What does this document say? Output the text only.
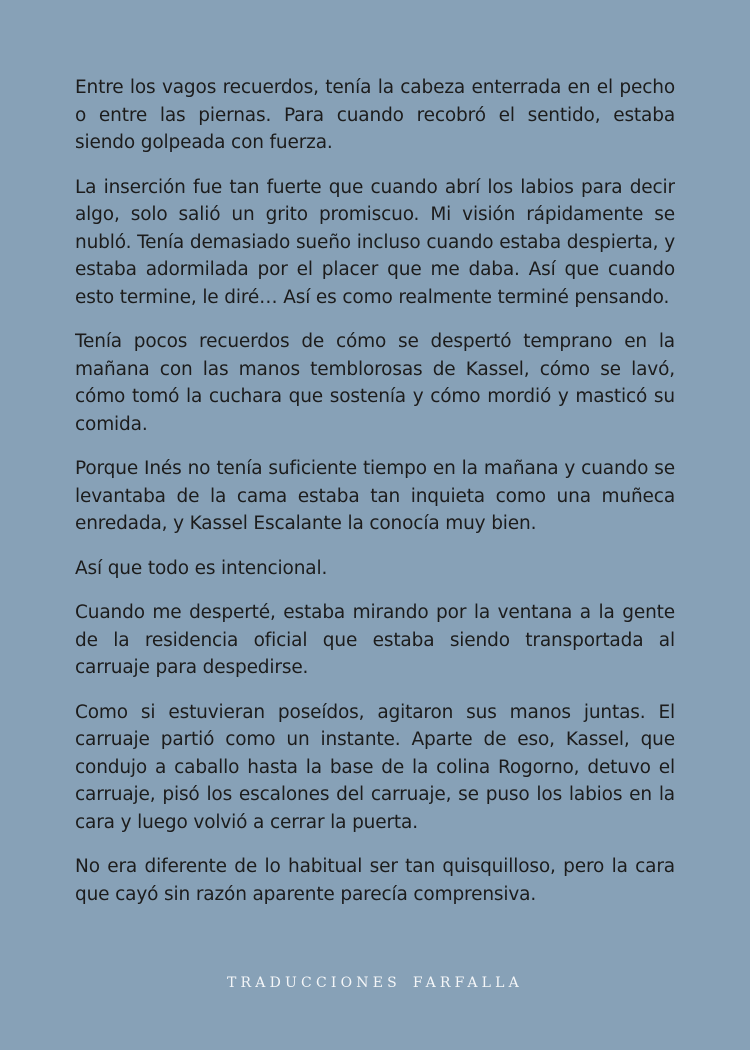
Entre los vagos recuerdos, tenía la cabeza enterrada en el pecho o entre las piernas. Para cuando recobró el sentido, estaba siendo golpeada con fuerza.

La inserción fue tan fuerte que cuando abrí los labios para decir algo, solo salió un grito promiscuo. Mi visión rápidamente se nubló. Tenía demasiado sueño incluso cuando estaba despierta, y estaba adormilada por el placer que me daba. Así que cuando esto termine, le diré… Así es como realmente terminé pensando.

Tenía pocos recuerdos de cómo se despertó temprano en la mañana con las manos temblorosas de Kassel, cómo se lavó, cómo tomó la cuchara que sostenía y cómo mordió y masticó su comida.

Porque Inés no tenía suficiente tiempo en la mañana y cuando se levantaba de la cama estaba tan inquieta como una muñeca enredada, y Kassel Escalante la conocía muy bien.

Así que todo es intencional.

Cuando me desperté, estaba mirando por la ventana a la gente de la residencia oficial que estaba siendo transportada al carruaje para despedirse.

Como si estuvieran poseídos, agitaron sus manos juntas. El carruaje partió como un instante. Aparte de eso, Kassel, que condujo a caballo hasta la base de la colina Rogorno, detuvo el carruaje, pisó los escalones del carruaje, se puso los labios en la cara y luego volvió a cerrar la puerta.

No era diferente de lo habitual ser tan quisquilloso, pero la cara que cayó sin razón aparente parecía comprensiva.

TRADUCCIONES FARFALLA
